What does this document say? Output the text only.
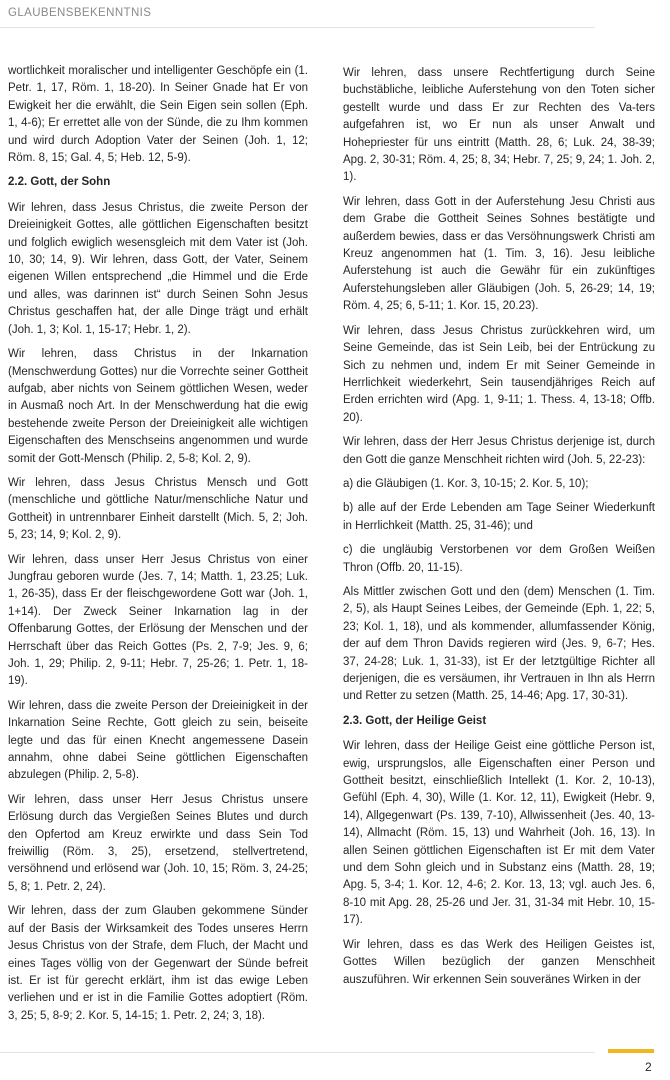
GLAUBENSBEKENNTNIS

wortlichkeit moralischer und intelligenter Geschöpfe ein (1. Petr. 1, 17, Röm. 1, 18-20). In Seiner Gnade hat Er von Ewigkeit her die erwählt, die Sein Eigen sein sollen (Eph. 1, 4-6); Er errettet alle von der Sünde, die zu Ihm kommen und wird durch Adoption Vater der Seinen (Joh. 1, 12; Röm. 8, 15; Gal. 4, 5; Heb. 12, 5-9).

2.2. Gott, der Sohn

Wir lehren, dass Jesus Christus, die zweite Person der Dreieinigkeit Gottes, alle göttlichen Eigenschaften besitzt und folglich ewiglich wesensgleich mit dem Vater ist (Joh. 10, 30; 14, 9). Wir lehren, dass Gott, der Vater, Seinem eigenen Willen entsprechend „die Himmel und die Erde und alles, was darinnen ist“ durch Seinen Sohn Jesus Christus geschaffen hat, der alle Dinge trägt und erhält (Joh. 1, 3; Kol. 1, 15-17; Hebr. 1, 2).

Wir lehren, dass Christus in der Inkarnation (Menschwerdung Gottes) nur die Vorrechte seiner Gottheit aufgab, aber nichts von Seinem göttlichen Wesen, weder in Ausmaß noch Art. In der Menschwerdung hat die ewig bestehende zweite Person der Dreieinigkeit alle wichtigen Eigenschaften des Menschseins angenommen und wurde somit der Gott-Mensch (Philip. 2, 5-8; Kol. 2, 9).

Wir lehren, dass Jesus Christus Mensch und Gott (menschliche und göttliche Natur/menschliche Natur und Gottheit) in untrennbarer Einheit darstellt (Mich. 5, 2; Joh. 5, 23; 14, 9; Kol. 2, 9).

Wir lehren, dass unser Herr Jesus Christus von einer Jungfrau geboren wurde (Jes. 7, 14; Matth. 1, 23.25; Luk. 1, 26-35), dass Er der fleischgewordene Gott war (Joh. 1, 1+14). Der Zweck Seiner Inkarnation lag in der Offenbarung Gottes, der Erlösung der Menschen und der Herrschaft über das Reich Gottes (Ps. 2, 7-9; Jes. 9, 6; Joh. 1, 29; Philip. 2, 9-11; Hebr. 7, 25-26; 1. Petr. 1, 18-19).

Wir lehren, dass die zweite Person der Dreieinigkeit in der Inkarnation Seine Rechte, Gott gleich zu sein, beiseite legte und das für einen Knecht angemessene Dasein annahm, ohne dabei Seine göttlichen Eigenschaften abzulegen (Philip. 2, 5-8).

Wir lehren, dass unser Herr Jesus Christus unsere Erlösung durch das Vergießen Seines Blutes und durch den Opfertod am Kreuz erwirkte und dass Sein Tod freiwillig (Röm. 3, 25), ersetzend, stellvertretend, versöhnend und erlösend war (Joh. 10, 15; Röm. 3, 24-25; 5, 8; 1. Petr. 2, 24).

Wir lehren, dass der zum Glauben gekommene Sünder auf der Basis der Wirksamkeit des Todes unseres Herrn Jesus Christus von der Strafe, dem Fluch, der Macht und eines Tages völlig von der Gegenwart der Sünde befreit ist. Er ist für gerecht erklärt, ihm ist das ewige Leben verliehen und er ist in die Familie Gottes adoptiert (Röm. 3, 25; 5, 8-9; 2. Kor. 5, 14-15; 1. Petr. 2, 24; 3, 18).

Wir lehren, dass unsere Rechtfertigung durch Seine buchstäbliche, leibliche Auferstehung von den Toten sicher gestellt wurde und dass Er zur Rechten des Va-ters aufgefahren ist, wo Er nun als unser Anwalt und Hohepriester für uns eintritt (Matth. 28, 6; Luk. 24, 38-39; Apg. 2, 30-31; Röm. 4, 25; 8, 34; Hebr. 7, 25; 9, 24; 1. Joh. 2, 1).

Wir lehren, dass Gott in der Auferstehung Jesu Christi aus dem Grabe die Gottheit Seines Sohnes bestätigte und außerdem bewies, dass er das Versöhnungswerk Christi am Kreuz angenommen hat (1. Tim. 3, 16). Jesu leibliche Auferstehung ist auch die Gewähr für ein zukünftiges Auferstehungsleben aller Gläubigen (Joh. 5, 26-29; 14, 19; Röm. 4, 25; 6, 5-11; 1. Kor. 15, 20.23).

Wir lehren, dass Jesus Christus zurückkehren wird, um Seine Gemeinde, das ist Sein Leib, bei der Entrückung zu Sich zu nehmen und, indem Er mit Seiner Gemeinde in Herrlichkeit wiederkehrt, Sein tausendjähriges Reich auf Erden errichten wird (Apg. 1, 9-11; 1. Thess. 4, 13-18; Offb. 20).

Wir lehren, dass der Herr Jesus Christus derjenige ist, durch den Gott die ganze Menschheit richten wird (Joh. 5, 22-23):

a) die Gläubigen (1. Kor. 3, 10-15; 2. Kor. 5, 10);

b) alle auf der Erde Lebenden am Tage Seiner Wiederkunft in Herrlichkeit (Matth. 25, 31-46); und

c) die ungläubig Verstorbenen vor dem Großen Weißen Thron (Offb. 20, 11-15).

Als Mittler zwischen Gott und den (dem) Menschen (1. Tim. 2, 5), als Haupt Seines Leibes, der Gemeinde (Eph. 1, 22; 5, 23; Kol. 1, 18), und als kommender, allumfassender König, der auf dem Thron Davids regieren wird (Jes. 9, 6-7; Hes. 37, 24-28; Luk. 1, 31-33), ist Er der letztgültige Richter all derjenigen, die es versäumen, ihr Vertrauen in Ihn als Herrn und Retter zu setzen (Matth. 25, 14-46; Apg. 17, 30-31).

2.3. Gott, der Heilige Geist

Wir lehren, dass der Heilige Geist eine göttliche Person ist, ewig, ursprungslos, alle Eigenschaften einer Person und Gottheit besitzt, einschließlich Intellekt (1. Kor. 2, 10-13), Gefühl (Eph. 4, 30), Wille (1. Kor. 12, 11), Ewigkeit (Hebr. 9, 14), Allgegenwart (Ps. 139, 7-10), Allwissenheit (Jes. 40, 13-14), Allmacht (Röm. 15, 13) und Wahrheit (Joh. 16, 13). In allen Seinen göttlichen Eigenschaften ist Er mit dem Vater und dem Sohn gleich und in Substanz eins (Matth. 28, 19; Apg. 5, 3-4; 1. Kor. 12, 4-6; 2. Kor. 13, 13; vgl. auch Jes. 6, 8-10 mit Apg. 28, 25-26 und Jer. 31, 31-34 mit Hebr. 10, 15-17).

Wir lehren, dass es das Werk des Heiligen Geistes ist, Gottes Willen bezüglich der ganzen Menschheit auszuführen. Wir erkennen Sein souveränes Wirken in der

2
